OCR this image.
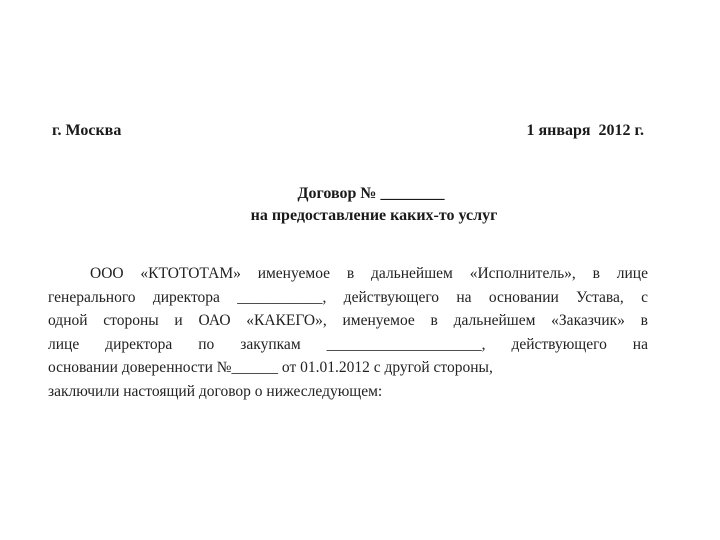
г. Москва	1 января  2012 г.
Договор № ________
на предоставление каких-то услуг
ООО «КТОТОТАМ» именуемое в дальнейшем «Исполнитель», в лице
генерального директора ___________, действующего на основании Устава, с
одной стороны и ОАО «КАКЕГО», именуемое в дальнейшем «Заказчик» в
лице директора по закупкам ____________________, действующего на
основании доверенности №______ от 01.01.2012 с другой стороны,
заключили настоящий договор о нижеследующем:
